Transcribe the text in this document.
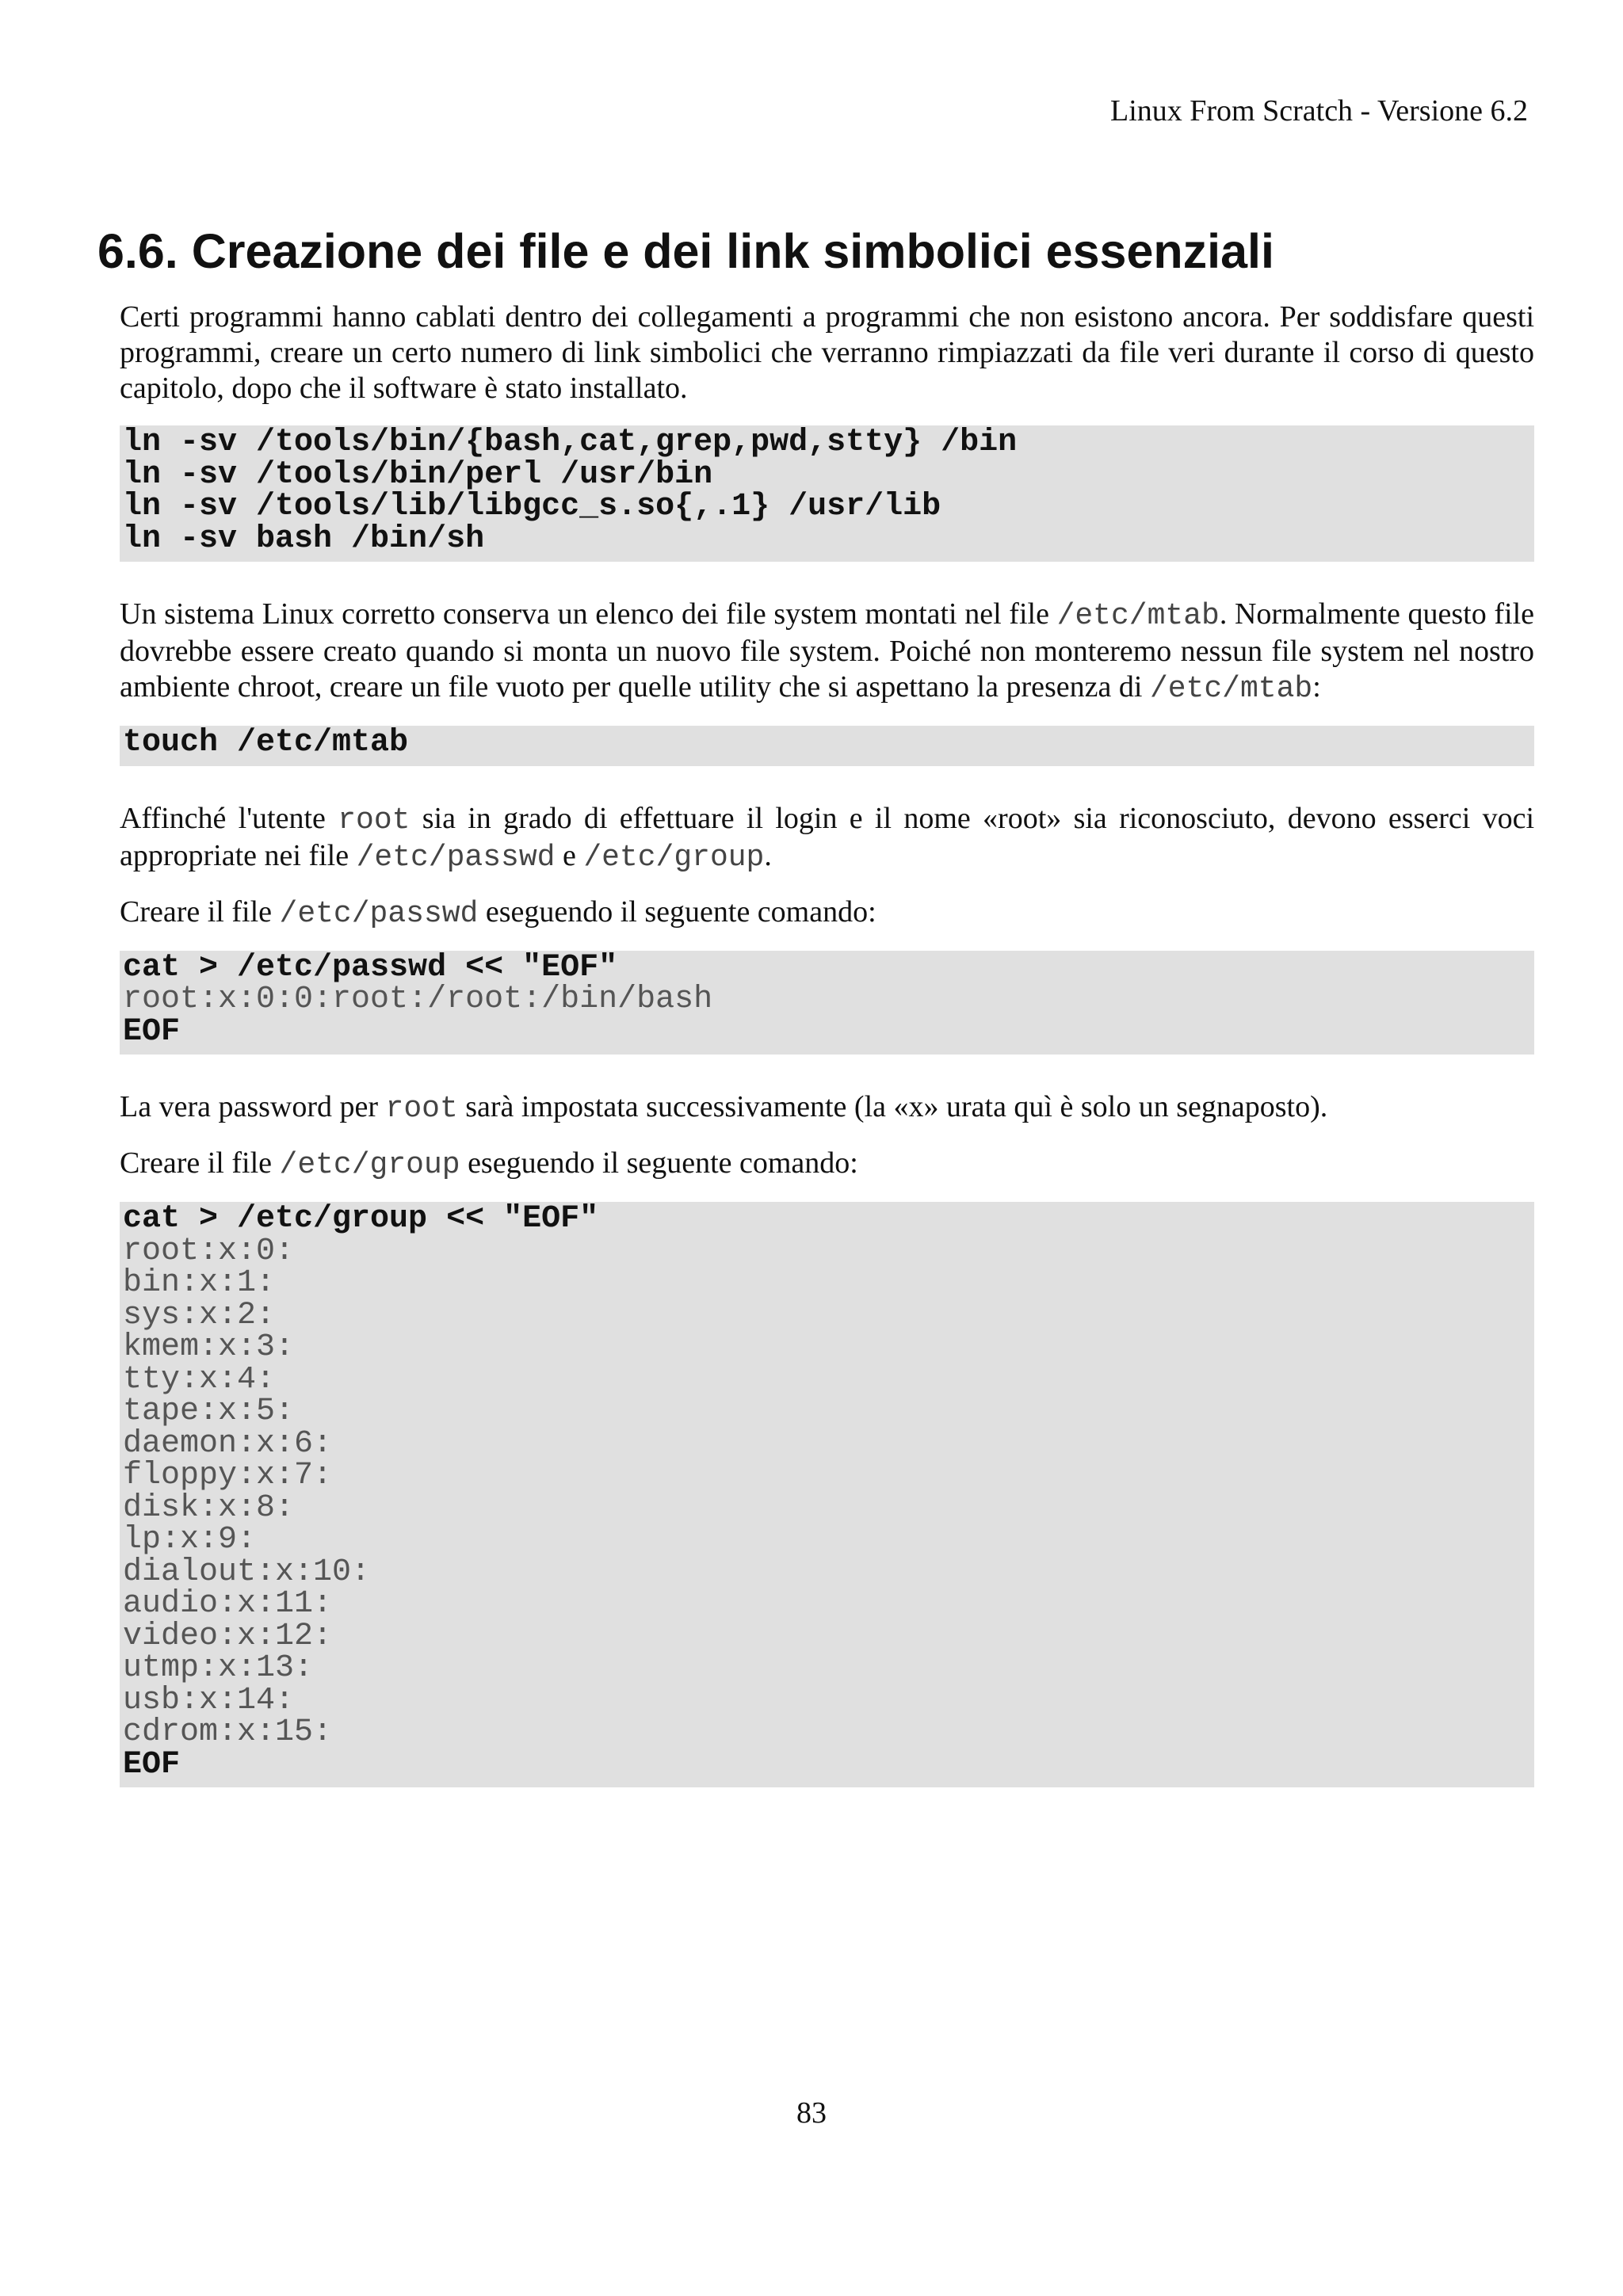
Linux From Scratch - Versione 6.2
6.6. Creazione dei file e dei link simbolici essenziali

Certi programmi hanno cablati dentro dei collegamenti a programmi che non esistono ancora. Per soddisfare questi programmi, creare un certo numero di link simbolici che verranno rimpiazzati da file veri durante il corso di questo capitolo, dopo che il software è stato installato.

ln -sv /tools/bin/{bash,cat,grep,pwd,stty} /bin
ln -sv /tools/bin/perl /usr/bin
ln -sv /tools/lib/libgcc_s.so{,.1} /usr/lib
ln -sv bash /bin/sh

Un sistema Linux corretto conserva un elenco dei file system montati nel file /etc/mtab. Normalmente questo file dovrebbe essere creato quando si monta un nuovo file system. Poiché non monteremo nessun file system nel nostro ambiente chroot, creare un file vuoto per quelle utility che si aspettano la presenza di /etc/mtab:

touch /etc/mtab

Affinché l'utente root sia in grado di effettuare il login e il nome «root» sia riconosciuto, devono esserci voci appropriate nei file /etc/passwd e /etc/group.

Creare il file /etc/passwd eseguendo il seguente comando:

cat > /etc/passwd << "EOF"
root:x:0:0:root:/root:/bin/bash
EOF

La vera password per root sarà impostata successivamente (la «x» urata quì è solo un segnaposto).

Creare il file /etc/group eseguendo il seguente comando:

cat > /etc/group << "EOF"
root:x:0:
bin:x:1:
sys:x:2:
kmem:x:3:
tty:x:4:
tape:x:5:
daemon:x:6:
floppy:x:7:
disk:x:8:
lp:x:9:
dialout:x:10:
audio:x:11:
video:x:12:
utmp:x:13:
usb:x:14:
cdrom:x:15:
EOF
83
